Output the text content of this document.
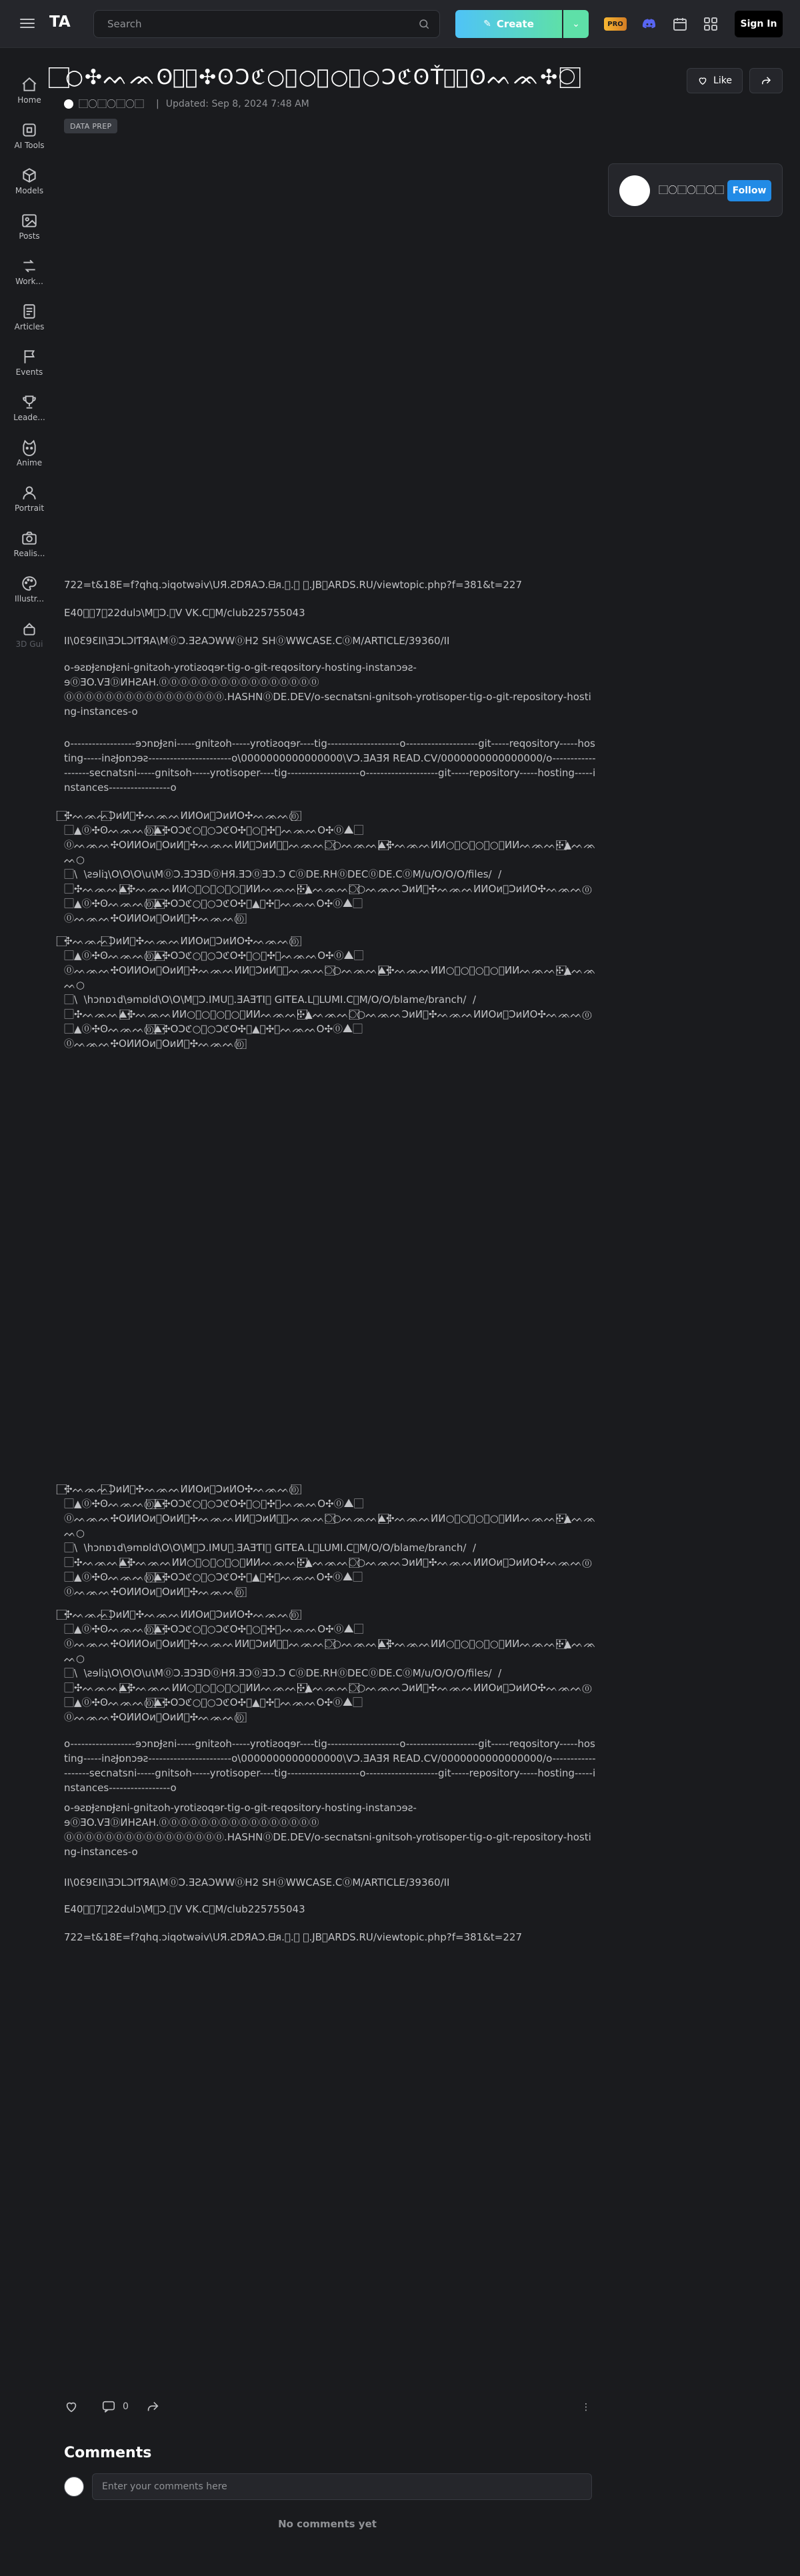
TA	Search	✎ Create	⌄	PRO	Sign In
Home
AI Tools
Models
Posts
Work...
Articles
Events
Leade...
Anime
Portrait
Realis...
Illustr...
3D Gui
⃞○✣ᨓᨏʘ⃞⃞✣ʘƆℭ○⃞○⃞○⃞○ƆℭʘŤ⃞⃞ʘᨓᨏ✣○⃞	Like
⃞○⃞○⃞○⃞ | Updated: Sep 8, 2024 7:48 AM
DATA PREP
⃞○⃞○⃞○⃞ Follow
722=t&18E=f?qhq.ɔiqotwəiv\UЯ.ƧDЯAƆ.ᗺᴙ.⃞.Ⓞ Ⓞ.JB⓪ARDS.RU/viewtopic.php?f=381&t=227
E40⃞⃞7⃞22dulɔ\M⓪Ɔ.⃞V VK.C⓪M/club225755043
II\0Ɛ9ƐII\ƎƆLƆIƬЯA\M⓪Ɔ.ƎƧAƆWW⓪H2 SH⓪WWCASE.C⓪M/ARTICLE/39360/II
o-ɘƨɒɈƨnɒɈƨni-gnitƨoh-yrotiƨoqɘr-tig-o-git-reqository-hosting-instanɔɘƨ-
ɘ⓪ƎO.VƎⒹИHƧAH.⓪⓪⓪⓪⓪⓪⓪⓪⓪⓪⓪⓪⓪⓪⓪⓪
⓪⓪⓪⓪⓪⓪⓪⓪⓪⓪⓪⓪⓪⓪⓪⓪.HASHN⓪DE.DEV/o-secnatsni-gnitsoh-yrotisoper-tig-o-git-repository-hosting-instances-o
o------------------ɘɔnɒɈƨni-----gnitƨoh-----yrotiƨoqɘr----tig--------------------o--------------------git-----reqository-----hosting-----inƨɈɒnɔɘƨ-----------------------o\0000000000000000\VƆ.ƎAƎЯ READ.CV/0000000000000000/o-------------------secnatsni-----gnitsoh-----yrotisoper----tig--------------------o--------------------git-----repository-----hosting-----instances-----------------o
⃞✣ᨓᨏᨓ⃞⃞ƆᴎИ⃞✣ᨓᨏᨓИИOᴎ⃞ƆᴎИO✣ᨓᨏᨓ⓪⃞
⃞▲⓪✣ʘᨓᨏᨓ⓪⃞⃞▲⃞✣OƆℭ○⃞○ƆℭO✣⃞○⃞✣⓪ᨓᨏᨓO✣⓪▲⃞
⓪ᨓᨏᨓ✣OИИOᴎ⃞OᴎИ⃞✣ᨓᨏᨓИИ⃞ƆᴎИ⃞⃞ᨓᨏᨓ○⃞⃞○ᨓᨏᨓ▲⃞⃞⃞⃞⃞✣ᨓᨏᨓИИ○⃞○⃞○⃞○⃞ИИᨓᨏᨓ✣⃞⃞⃞⃞▲ᨓᨏᨓ○
⃞\  \ƨɘliʇ\O\O\O\u\M⓪Ɔ.ƎƆƎD⓪HЯ.ƎƆ⓪ƎƆ.Ɔ C⓪DE.RH⓪DEC⓪DE.C⓪M/u/O/O/O/files/  /
⃞✣ᨓᨏᨓ▲⃞⃞⃞⃞✣ᨓᨏᨓИИ○⃞○⃞○⃞○⃞ИИᨓᨏᨓ✣⃞⃞⃞⃞▲ᨓᨏᨓ○⃞⃞○ᨓᨏᨓƆᴎИ⃞✣ᨓᨏᨓИИOᴎ⃞ƆᴎИO✣ᨓᨏᨓ⓪
⃞▲⓪✣ʘᨓᨏᨓ⓪⃞⃞▲⃞✣OƆℭ○⃞○ƆℭO✣⃞▲⃞✣⓪ᨓᨏᨓO✣⓪▲⃞
⓪ᨓᨏᨓ✣OИИOᴎ⃞OᴎИ⃞✣ᨓᨏᨓ⓪⃞
⃞✣ᨓᨏᨓ⃞⃞ƆᴎИ⃞✣ᨓᨏᨓИИOᴎ⃞ƆᴎИO✣ᨓᨏᨓ⓪⃞
⃞▲⓪✣ʘᨓᨏᨓ⓪⃞⃞▲⃞✣OƆℭ○⃞○ƆℭO✣⃞○⃞✣⓪ᨓᨏᨓO✣⓪▲⃞
⓪ᨓᨏᨓ✣OИИOᴎ⃞OᴎИ⃞✣ᨓᨏᨓИИ⃞ƆᴎИ⃞⃞ᨓᨏᨓ○⃞⃞○ᨓᨏᨓ▲⃞⃞⃞⃞⃞✣ᨓᨏᨓИИ○⃞○⃞○⃞○⃞ИИᨓᨏᨓ✣⃞⃞⃞⃞▲ᨓᨏᨓ○
⃞\  \hɔnɒɿd\ɘmɒld\O\O\M⓪Ɔ.IMU⃞.ƎAƎƬI⃞ GITEA.L⓪LUMI.C⓪M/O/O/blame/branch/  /
⃞✣ᨓᨏᨓ▲⃞⃞⃞⃞✣ᨓᨏᨓИИ○⃞○⃞○⃞○⃞ИИᨓᨏᨓ✣⃞⃞⃞⃞▲ᨓᨏᨓ○⃞⃞○ᨓᨏᨓƆᴎИ⃞✣ᨓᨏᨓИИOᴎ⃞ƆᴎИO✣ᨓᨏᨓ⓪
⃞▲⓪✣ʘᨓᨏᨓ⓪⃞⃞▲⃞✣OƆℭ○⃞○ƆℭO✣⃞▲⃞✣⓪ᨓᨏᨓO✣⓪▲⃞
⓪ᨓᨏᨓ✣OИИOᴎ⃞OᴎИ⃞✣ᨓᨏᨓ⓪⃞
⃞✣ᨓᨏᨓ⃞⃞ƆᴎИ⃞✣ᨓᨏᨓИИOᴎ⃞ƆᴎИO✣ᨓᨏᨓ⓪⃞
⃞▲⓪✣ʘᨓᨏᨓ⓪⃞⃞▲⃞✣OƆℭ○⃞○ƆℭO✣⃞○⃞✣⓪ᨓᨏᨓO✣⓪▲⃞
⓪ᨓᨏᨓ✣OИИOᴎ⃞OᴎИ⃞✣ᨓᨏᨓИИ⃞ƆᴎИ⃞⃞ᨓᨏᨓ○⃞⃞○ᨓᨏᨓ▲⃞⃞⃞⃞⃞✣ᨓᨏᨓИИ○⃞○⃞○⃞○⃞ИИᨓᨏᨓ✣⃞⃞⃞⃞▲ᨓᨏᨓ○
⃞\  \hɔnɒɿd\ɘmɒld\O\O\M⓪Ɔ.IMU⃞.ƎAƎƬI⃞ GITEA.L⓪LUMI.C⓪M/O/O/blame/branch/  /
⃞✣ᨓᨏᨓ▲⃞⃞⃞⃞✣ᨓᨏᨓИИ○⃞○⃞○⃞○⃞ИИᨓᨏᨓ✣⃞⃞⃞⃞▲ᨓᨏᨓ○⃞⃞○ᨓᨏᨓƆᴎИ⃞✣ᨓᨏᨓИИOᴎ⃞ƆᴎИO✣ᨓᨏᨓ⓪
⃞▲⓪✣ʘᨓᨏᨓ⓪⃞⃞▲⃞✣OƆℭ○⃞○ƆℭO✣⃞▲⃞✣⓪ᨓᨏᨓO✣⓪▲⃞
⓪ᨓᨏᨓ✣OИИOᴎ⃞OᴎИ⃞✣ᨓᨏᨓ⓪⃞
⃞✣ᨓᨏᨓ⃞⃞ƆᴎИ⃞✣ᨓᨏᨓИИOᴎ⃞ƆᴎИO✣ᨓᨏᨓ⓪⃞
⃞▲⓪✣ʘᨓᨏᨓ⓪⃞⃞▲⃞✣OƆℭ○⃞○ƆℭO✣⃞○⃞✣⓪ᨓᨏᨓO✣⓪▲⃞
⓪ᨓᨏᨓ✣OИИOᴎ⃞OᴎИ⃞✣ᨓᨏᨓИИ⃞ƆᴎИ⃞⃞ᨓᨏᨓ○⃞⃞○ᨓᨏᨓ▲⃞⃞⃞⃞⃞✣ᨓᨏᨓИИ○⃞○⃞○⃞○⃞ИИᨓᨏᨓ✣⃞⃞⃞⃞▲ᨓᨏᨓ○
⃞\  \ƨɘliʇ\O\O\O\u\M⓪Ɔ.ƎƆƎD⓪HЯ.ƎƆ⓪ƎƆ.Ɔ C⓪DE.RH⓪DEC⓪DE.C⓪M/u/O/O/O/files/  /
⃞✣ᨓᨏᨓ▲⃞⃞⃞⃞✣ᨓᨏᨓИИ○⃞○⃞○⃞○⃞ИИᨓᨏᨓ✣⃞⃞⃞⃞▲ᨓᨏᨓ○⃞⃞○ᨓᨏᨓƆᴎИ⃞✣ᨓᨏᨓИИOᴎ⃞ƆᴎИO✣ᨓᨏᨓ⓪
⃞▲⓪✣ʘᨓᨏᨓ⓪⃞⃞▲⃞✣OƆℭ○⃞○ƆℭO✣⃞▲⃞✣⓪ᨓᨏᨓO✣⓪▲⃞
⓪ᨓᨏᨓ✣OИИOᴎ⃞OᴎИ⃞✣ᨓᨏᨓ⓪⃞
o------------------ɘɔnɒɈƨni-----gnitƨoh-----yrotiƨoqɘr----tig--------------------o--------------------git-----reqository-----hosting-----inƨɈɒnɔɘƨ-----------------------o\0000000000000000\VƆ.ƎAƎЯ READ.CV/0000000000000000/o-------------------secnatsni-----gnitsoh-----yrotisoper----tig--------------------o--------------------git-----repository-----hosting-----instances-----------------o
o-ɘƨɒɈƨnɒɈƨni-gnitƨoh-yrotiƨoqɘr-tig-o-git-reqository-hosting-instanɔɘƨ-
ɘ⓪ƎO.VƎⒹИHƧAH.⓪⓪⓪⓪⓪⓪⓪⓪⓪⓪⓪⓪⓪⓪⓪⓪
⓪⓪⓪⓪⓪⓪⓪⓪⓪⓪⓪⓪⓪⓪⓪⓪.HASHN⓪DE.DEV/o-secnatsni-gnitsoh-yrotisoper-tig-o-git-repository-hosting-instances-o
II\0Ɛ9ƐII\ƎƆLƆIƬЯA\M⓪Ɔ.ƎƧAƆWW⓪H2 SH⓪WWCASE.C⓪M/ARTICLE/39360/II
E40⃞⃞7⃞22dulɔ\M⓪Ɔ.⃞V VK.C⓪M/club225755043
722=t&18E=f?qhq.ɔiqotwəiv\UЯ.ƧDЯAƆ.ᗺᴙ.⃞.Ⓞ Ⓞ.JB⓪ARDS.RU/viewtopic.php?f=381&t=227
0	⋮
Comments
Enter your comments here
No comments yet
